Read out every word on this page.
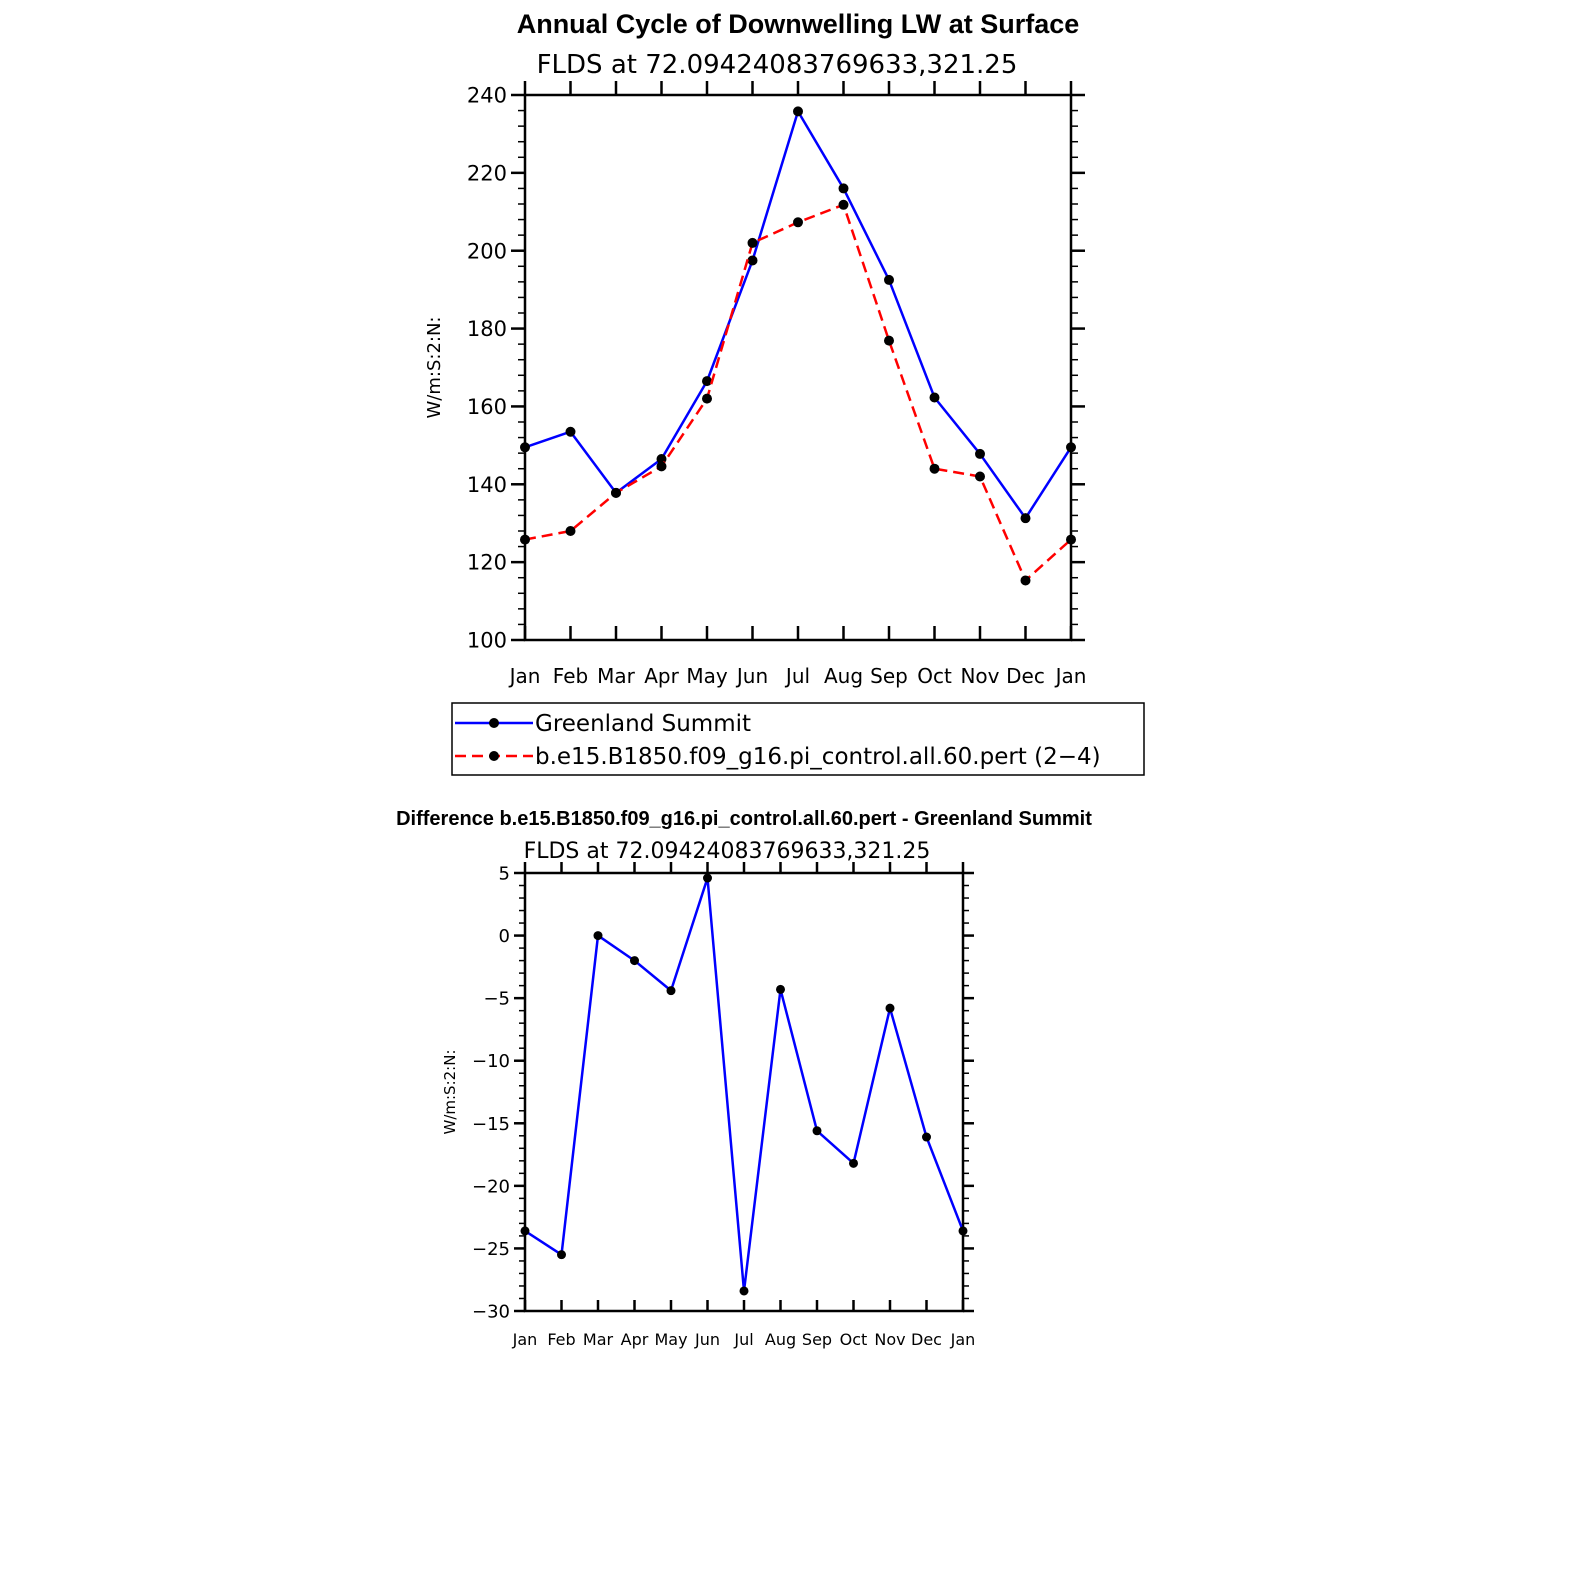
Annual Cycle of Downwelling LW at Surface
FLDS at 72.09424083769633,321.25
100
120
140
160
180
200
220
240
Jan Feb Mar Apr May Jun Jul Aug Sep Oct Nov Dec Jan
W/m:S:2:N:
Greenland Summit
b.e15.B1850.f09_g16.pi_control.all.60.pert (2−4)
Difference b.e15.B1850.f09_g16.pi_control.all.60.pert - Greenland Summit
FLDS at 72.09424083769633,321.25
−30
−25
−20
−15
−10
−5
0
5
Jan Feb Mar Apr May Jun Jul Aug Sep Oct Nov Dec Jan
W/m:S:2:N:
